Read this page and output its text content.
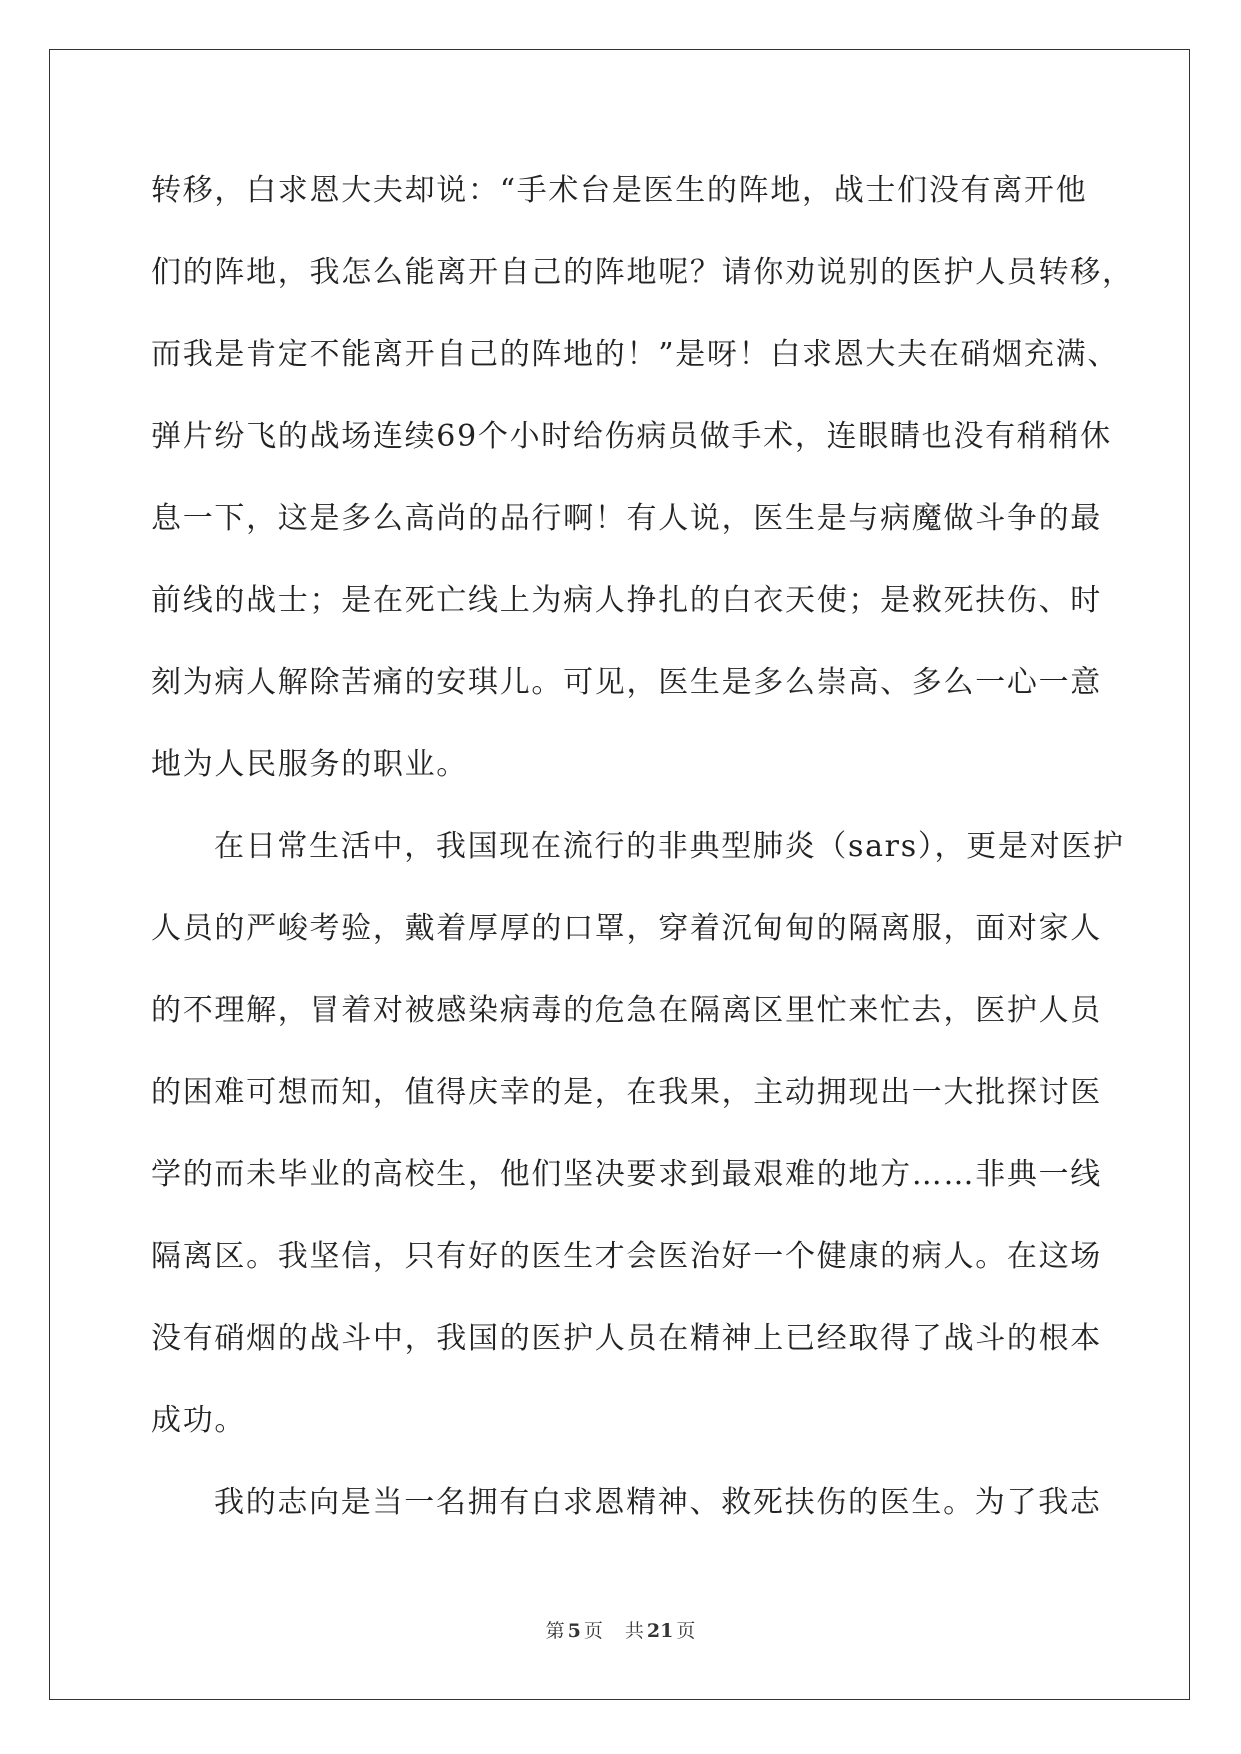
转移，白求恩大夫却说：“手术台是医生的阵地，战士们没有离开他
们的阵地，我怎么能离开自己的阵地呢？请你劝说别的医护人员转移，
而我是肯定不能离开自己的阵地的！”是呀！白求恩大夫在硝烟充满、
弹片纷飞的战场连续69个小时给伤病员做手术，连眼睛也没有稍稍休
息一下，这是多么高尚的品行啊！有人说，医生是与病魔做斗争的最
前线的战士；是在死亡线上为病人挣扎的白衣天使；是救死扶伤、时
刻为病人解除苦痛的安琪儿。可见，医生是多么崇高、多么一心一意
地为人民服务的职业。
在日常生活中，我国现在流行的非典型肺炎（sars），更是对医护
人员的严峻考验，戴着厚厚的口罩，穿着沉甸甸的隔离服，面对家人
的不理解，冒着对被感染病毒的危急在隔离区里忙来忙去，医护人员
的困难可想而知，值得庆幸的是，在我果，主动拥现出一大批探讨医
学的而未毕业的高校生，他们坚决要求到最艰难的地方……非典一线
隔离区。我坚信，只有好的医生才会医治好一个健康的病人。在这场
没有硝烟的战斗中，我国的医护人员在精神上已经取得了战斗的根本
成功。
我的志向是当一名拥有白求恩精神、救死扶伤的医生。为了我志
第 5 页 共 21 页
